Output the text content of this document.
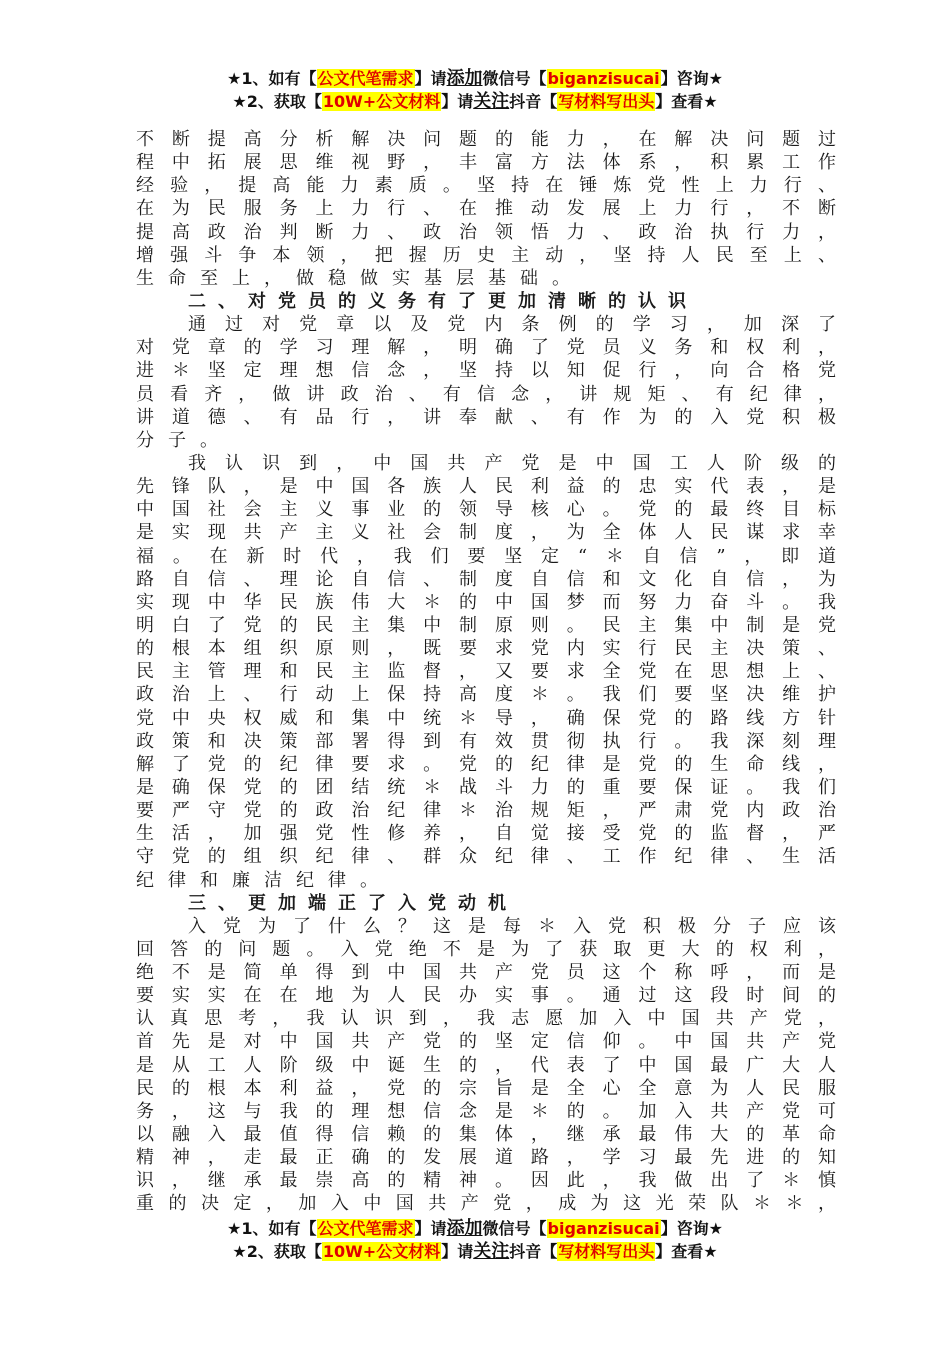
★1、如有【公文代笔需求】请添加微信号【biganzisucai】咨询★
★2、获取【10W+公文材料】请关注抖音【写材料写出头】查看★
不断提高分析解决问题的能力，在解决问题过
程中拓展思维视野，丰富方法体系，积累工作
经验，提高能力素质。坚持在锤炼党性上力行、
在为民服务上力行、在推动发展上力行，不断
提高政治判断力、政治领悟力、政治执行力，
增强斗争本领，把握历史主动，坚持人民至上、
生命至上，做稳做实基层基础。
二、对党员的义务有了更加清晰的认识
通过对党章以及党内条例的学习，加深了
对党章的学习理解，明确了党员义务和权利，
进＊坚定理想信念，坚持以知促行，向合格党
员看齐，做讲政治、有信念，讲规矩、有纪律，
讲道德、有品行，讲奉献、有作为的入党积极
分子。
我认识到，中国共产党是中国工人阶级的
先锋队，是中国各族人民利益的忠实代表，是
中国社会主义事业的领导核心。党的最终目标
是实现共产主义社会制度，为全体人民谋求幸
福。在新时代，我们要坚定“＊自信”，即道
路自信、理论自信、制度自信和文化自信，为
实现中华民族伟大＊的中国梦而努力奋斗。我
明白了党的民主集中制原则。民主集中制是党
的根本组织原则，既要求党内实行民主决策、
民主管理和民主监督，又要求全党在思想上、
政治上、行动上保持高度＊。我们要坚决维护
党中央权威和集中统＊导，确保党的路线方针
政策和决策部署得到有效贯彻执行。我深刻理
解了党的纪律要求。党的纪律是党的生命线，
是确保党的团结统＊战斗力的重要保证。我们
要严守党的政治纪律＊治规矩，严肃党内政治
生活，加强党性修养，自觉接受党的监督，严
守党的组织纪律、群众纪律、工作纪律、生活
纪律和廉洁纪律。
三、更加端正了入党动机
入党为了什么？这是每＊入党积极分子应该
回答的问题。入党绝不是为了获取更大的权利，
绝不是简单得到中国共产党员这个称呼，而是
要实实在在地为人民办实事。通过这段时间的
认真思考，我认识到，我志愿加入中国共产党，
首先是对中国共产党的坚定信仰。中国共产党
是从工人阶级中诞生的，代表了中国最广大人
民的根本利益，党的宗旨是全心全意为人民服
务，这与我的理想信念是＊的。加入共产党可
以融入最值得信赖的集体，继承最伟大的革命
精神，走最正确的发展道路，学习最先进的知
识，继承最崇高的精神。因此，我做出了＊慎
重的决定，加入中国共产党，成为这光荣队＊＊，
★1、如有【公文代笔需求】请添加微信号【biganzisucai】咨询★
★2、获取【10W+公文材料】请关注抖音【写材料写出头】查看★
